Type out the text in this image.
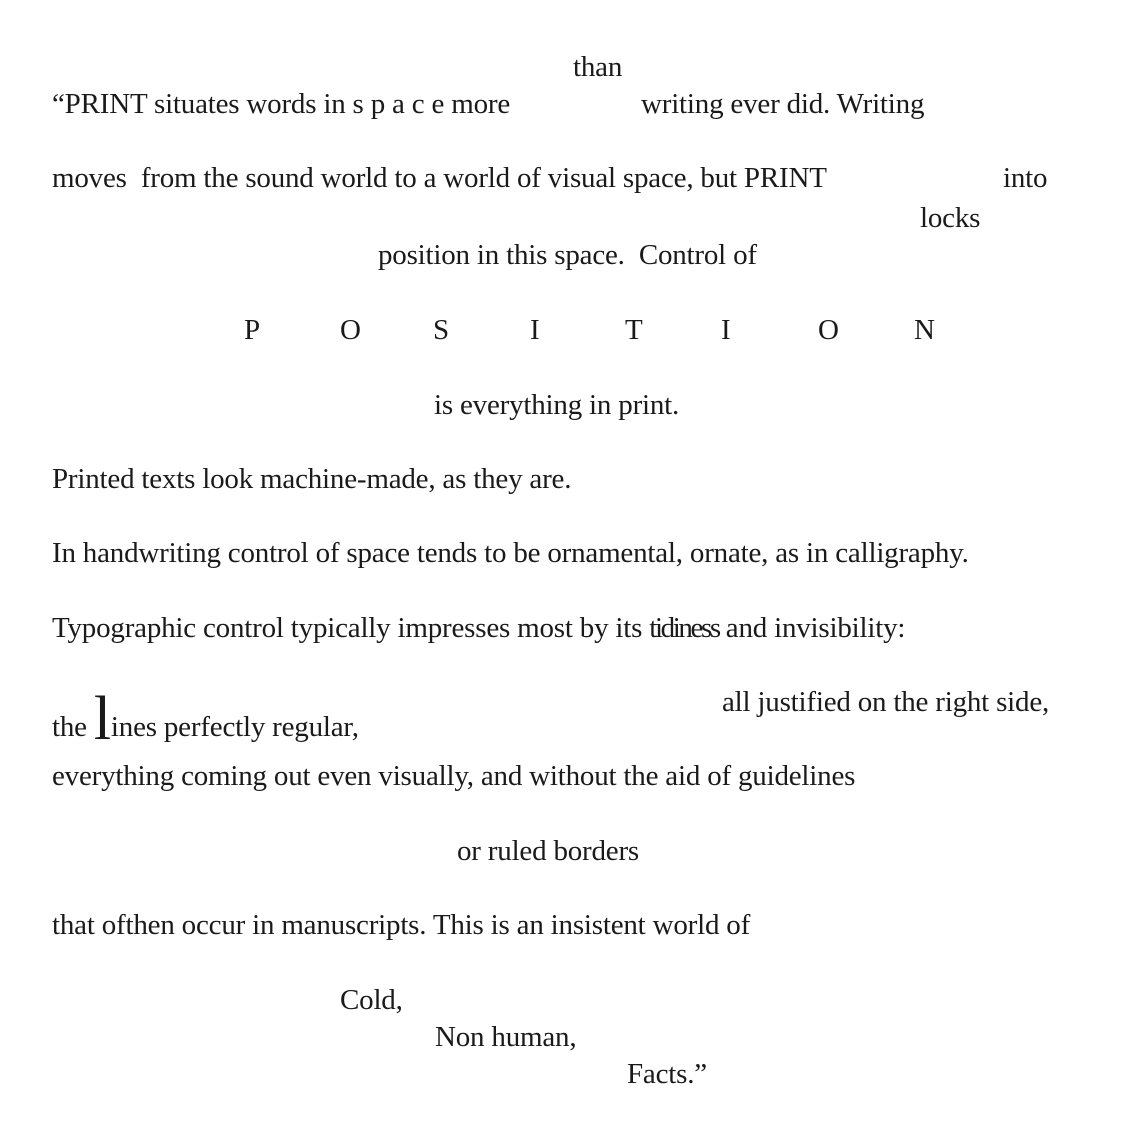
than
“PRINT situates words in s p a c e more	writing ever did. Writing
moves  from the sound world to a world of visual space, but PRINT	into
locks
position in this space.  Control of
P	O S	I	T	I	O	N
is everything in print.
Printed texts look machine-made, as they are.
In handwriting control of space tends to be ornamental, ornate, as in calligraphy.
Typographic control typically impresses most by its tidiness and invisibility:
the lines perfectly regular,
all justified on the right side,
everything coming out even visually, and without the aid of guidelines
or ruled borders
that ofthen occur in manuscripts. This is an insistent world of
Cold,
Non human,
Facts.”
